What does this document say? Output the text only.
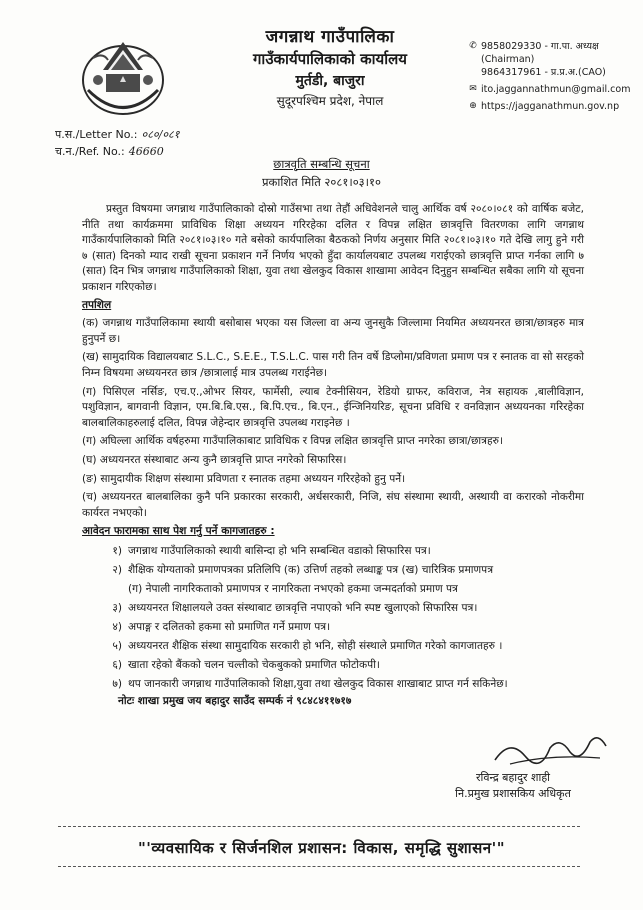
जगन्नाथ गाउँपालिका
गाउँकार्यपालिकाको कार्यालय
मुर्तडी, बाजुरा
सुदूरपश्चिम प्रदेश, नेपाल
✆ 9858029330 - गा.पा. अध्यक्ष
(Chairman)
9864317961 - प्र.प्र.अ.(CAO)
✉ ito.jaggannathmun@gmail.com
⊕ https://jagganathmun.gov.np
प.स./Letter No.: ०८०/०८१
च.न./Ref. No.: 46660
छात्रवृति सम्बन्धि सूचना
प्रकाशित मिति २०८१।०३।१०

प्रस्तुत विषयमा जगन्नाथ गाउँपालिकाको दोस्रो गाउँसभा तथा तेहौं अधिवेशनले चालु आर्थिक वर्ष २०८०।०८१ को वार्षिक बजेट, नीति तथा कार्यक्रममा प्राविधिक शिक्षा अध्ययन गरिरहेका दलित र विपन्न लक्षित छात्रवृत्ति वितरणका लागि जगन्नाथ गाउँकार्यपालिकाको मिति २०८१।०३।१० गते बसेको कार्यपालिका बैठकको निर्णय अनुसार मिति २०८१।०३।१० गते देखि लागु हुने गरी ७ (सात) दिनको म्याद राखी सूचना प्रकाशन गर्ने निर्णय भएको हुँदा कार्यालयबाट उपलब्ध गराईएको छात्रवृत्ति प्राप्त गर्नका लागि ७ (सात) दिन भित्र जगन्नाथ गाउँपालिकाको शिक्षा, युवा तथा खेलकुद विकास शाखामा आवेदन दिनुहुन सम्बन्धित सबैका लागि यो सूचना प्रकाशन गरिएकोछ।

तपशिल

(क) जगन्नाथ गाउँपालिकामा स्थायी बसोबास भएका यस जिल्ला वा अन्य जुनसुकै जिल्लामा नियमित अध्ययनरत छात्रा/छात्रहरु मात्र हुनुपर्ने छ।

(ख) सामुदायिक विद्यालयबाट S.L.C., S.E.E., T.S.L.C. पास गरी तिन वर्षे डिप्लोमा/प्रविणता प्रमाण पत्र र स्नातक वा सो सरहको निम्न विषयमा अध्ययनरत छात्र /छात्रालाई मात्र उपलब्ध गराईनेछ।

(ग) पिसिएल नर्सिङ, एच.ए.,ओभर सियर, फार्मेसी, ल्याब टेक्नीसियन, रेडियो ग्राफर, कविराज, नेत्र सहायक ,बालीविज्ञान, पशुविज्ञान, बागवानी विज्ञान, एम.बि.बि.एस., बि.पि.एच., बि.एन., ईन्जिनियरिङ, सूचना प्रविधि र वनविज्ञान अध्ययनका गरिरहेका बालबालिकाहरुलाई दलित, विपन्न जेहेन्दार छात्रवृत्ति उपलब्ध गराइनेछ ।

(ग) अघिल्ला आर्थिक वर्षहरुमा गाउँपालिकाबाट प्राविधिक र विपन्न लक्षित छात्रवृत्ति प्राप्त नगरेका छात्रा/छात्रहरु।

(घ) अध्ययनरत संस्थाबाट अन्य कुनै छात्रवृत्ति प्राप्त नगरेको सिफारिस।

(ङ) सामुदायीक शिक्षण संस्थामा प्रविणता र स्नातक तहमा अध्ययन गरिरहेको हुनु पर्नेे।

(च) अध्ययनरत बालबालिका कुनै पनि प्रकारका सरकारी, अर्धसरकारी, निजि, संघ संस्थामा स्थायी, अस्थायी वा करारको नोकरीमा कार्यरत नभएको।

आवेदन फारामका साथ पेश गर्नु पर्ने कागजातहरु :

१) जगन्नाथ गाउँपालिकाको स्थायी बासिन्दा हो भनि सम्बन्धित वडाको सिफारिस पत्र।
२) शैक्षिक योग्यताको प्रमाणपत्रका प्रतिलिपि (क) उत्तिर्ण तहको लब्धाङ्क पत्र (ख) चारित्रिक प्रमाणपत्र
(ग) नेपाली नागरिकताको प्रमाणपत्र र नागरिकता नभएको हकमा जन्मदर्ताको प्रमाण पत्र
३) अध्ययनरत शिक्षालयले उक्त संस्थाबाट छात्रवृत्ति नपाएको भनि स्पष्ट खुलाएको सिफारिस पत्र।
४) अपाङ्ग र दलितको हकमा सो प्रमाणित गर्ने प्रमाण पत्र।
५) अध्ययनरत शैक्षिक संस्था सामुदायिक सरकारी हो भनि, सोही संस्थाले प्रमाणित गरेको कागजातहरु ।
६) खाता रहेको बैंकको चलन चल्तीको चेकबुकको प्रमाणित फोटोकपी।
७) थप जानकारी जगन्नाथ गाउँपालिकाको शिक्षा,युवा तथा खेलकुद विकास शाखाबाट प्राप्त गर्न सकिनेछ।

नोटः शाखा प्रमुख जय बहादुर साउँद सम्पर्क नं ९८४८४११७१७

रविन्द्र बहादुर शाही
नि.प्रमुख प्रशासकिय अधिकृत
"'व्यवसायिक र सिर्जनशिल प्रशासन: विकास, समृद्धि सुशासन'"
